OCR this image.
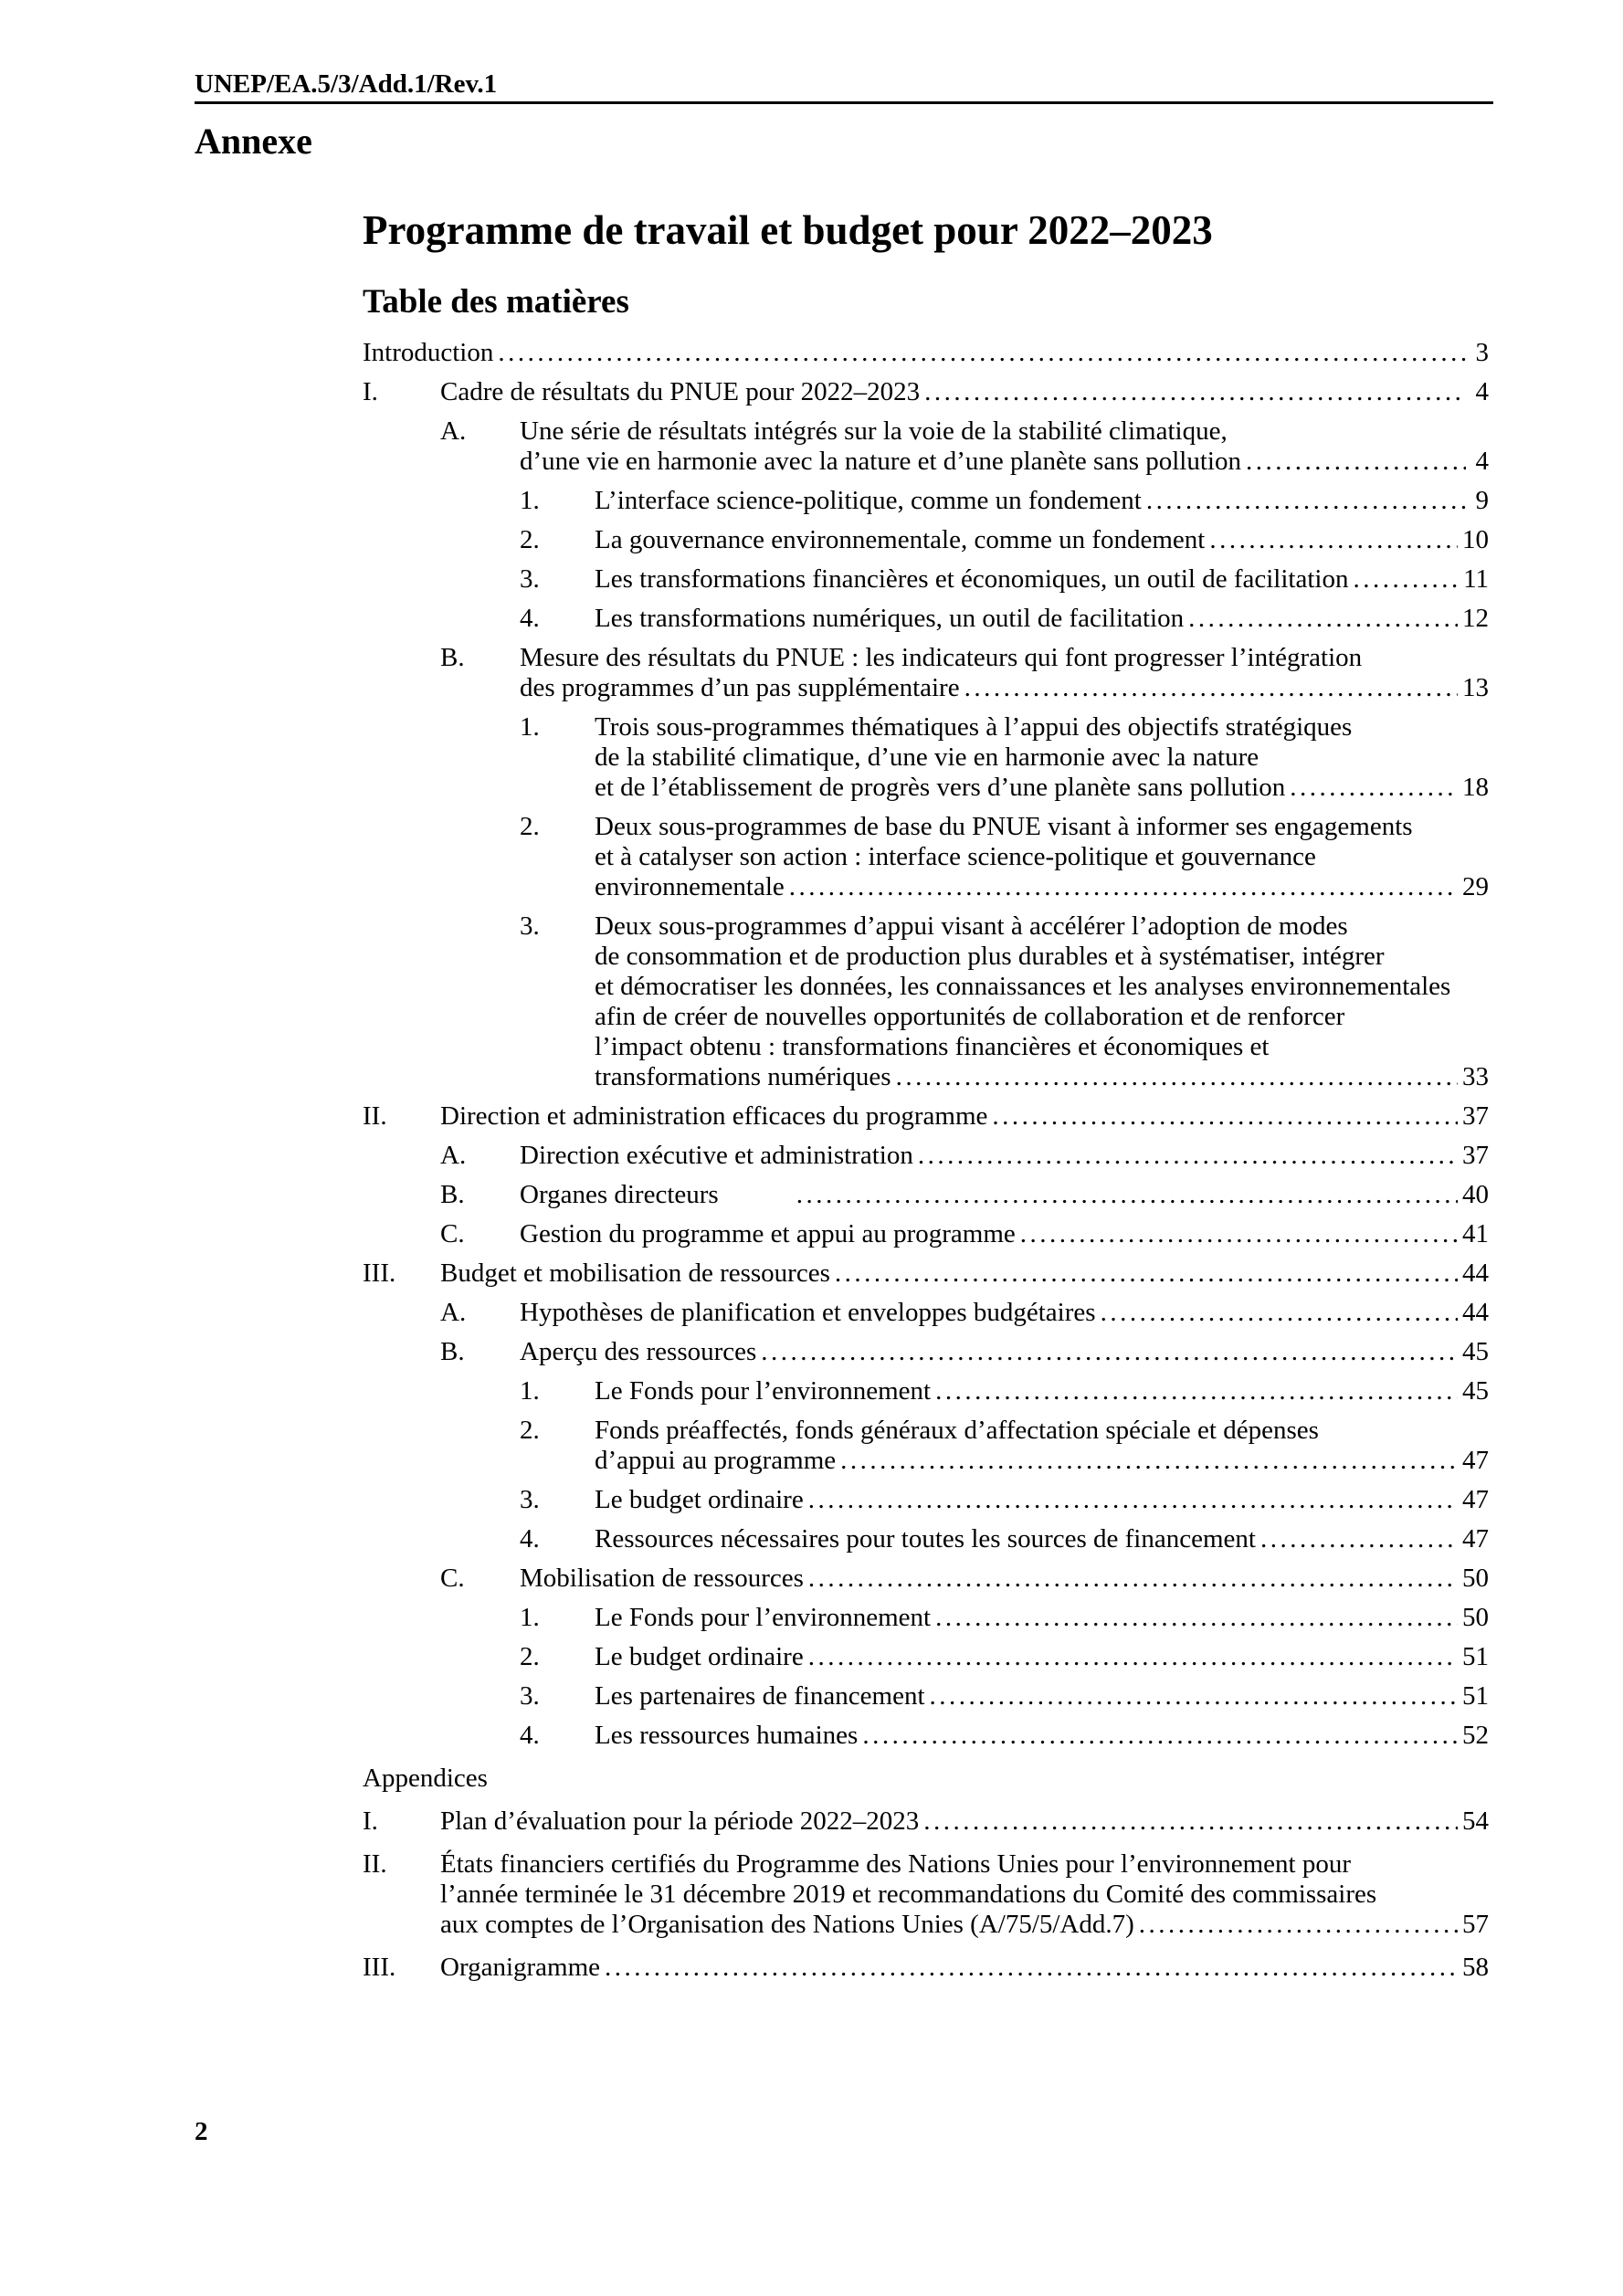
UNEP/EA.5/3/Add.1/Rev.1
Annexe
Programme de travail et budget pour 2022–2023
Table des matières
Introduction .....	3
I.	Cadre de résultats du PNUE pour 2022–2023 .....	4
A.	Une série de résultats intégrés sur la voie de la stabilité climatique,
d’une vie en harmonie avec la nature et d’une planète sans pollution .....	4
1.	L’interface science-politique, comme un fondement .....	9
2.	La gouvernance environnementale, comme un fondement .....	10
3.	Les transformations financières et économiques, un outil de facilitation .....	11
4.	Les transformations numériques, un outil de facilitation .....	12
B.	Mesure des résultats du PNUE : les indicateurs qui font progresser l’intégration
des programmes d’un pas supplémentaire .....	13
1.	Trois sous-programmes thématiques à l’appui des objectifs stratégiques
de la stabilité climatique, d’une vie en harmonie avec la nature
et de l’établissement de progrès vers d’une planète sans pollution .....	18
2.	Deux sous-programmes de base du PNUE visant à informer ses engagements
et à catalyser son action : interface science-politique et gouvernance
environnementale .....	29
3.	Deux sous-programmes d’appui visant à accélérer l’adoption de modes
de consommation et de production plus durables et à systématiser, intégrer
et démocratiser les données, les connaissances et les analyses environnementales
afin de créer de nouvelles opportunités de collaboration et de renforcer
l’impact obtenu : transformations financières et économiques et
transformations numériques .....	33
II.	Direction et administration efficaces du programme .....	37
A.	Direction exécutive et administration .....	37
B.	Organes directeurs .....	40
C.	Gestion du programme et appui au programme .....	41
III.	Budget et mobilisation de ressources .....	44
A.	Hypothèses de planification et enveloppes budgétaires .....	44
B.	Aperçu des ressources .....	45
1.	Le Fonds pour l’environnement .....	45
2.	Fonds préaffectés, fonds généraux d’affectation spéciale et dépenses
d’appui au programme .....	47
3.	Le budget ordinaire .....	47
4.	Ressources nécessaires pour toutes les sources de financement .....	47
C.	Mobilisation de ressources .....	50
1.	Le Fonds pour l’environnement .....	50
2.	Le budget ordinaire .....	51
3.	Les partenaires de financement .....	51
4.	Les ressources humaines .....	52
Appendices
I.	Plan d’évaluation pour la période 2022–2023 .....	54
II.	États financiers certifiés du Programme des Nations Unies pour l’environnement pour
l’année terminée le 31 décembre 2019 et recommandations du Comité des commissaires
aux comptes de l’Organisation des Nations Unies (A/75/5/Add.7) .....	57
III.	Organigramme .....	58
2
